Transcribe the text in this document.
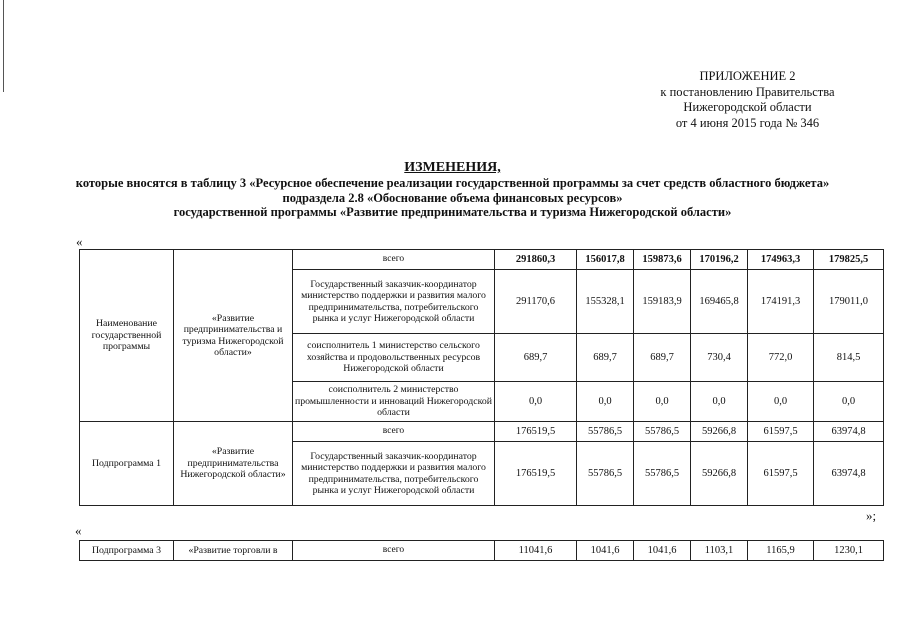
ПРИЛОЖЕНИЕ 2
к постановлению Правительства
Нижегородской области
от 4 июня 2015 года № 346
ИЗМЕНЕНИЯ,
которые вносятся в таблицу 3 «Ресурсное обеспечение реализации государственной программы за счет средств областного бюджета»
подраздела 2.8 «Обоснование объема финансовых ресурсов»
государственной программы «Развитие предпринимательства и туризма Нижегородской области»
«
Наименование государственной программы	«Развитие предпринимательства и туризма Нижегородской области»	всего	291860,3	156017,8	159873,6	170196,2	174963,3	179825,5
		Государственный заказчик-координатор министерство поддержки и развития малого предпринимательства, потребительского рынка и услуг Нижегородской области	291170,6	155328,1	159183,9	169465,8	174191,3	179011,0
		соисполнитель 1 министерство сельского хозяйства и продовольственных ресурсов Нижегородской области	689,7	689,7	689,7	730,4	772,0	814,5
		соисполнитель 2 министерство промышленности и инноваций Нижегородской области	0,0	0,0	0,0	0,0	0,0	0,0
Подпрограмма 1	«Развитие предпринимательства Нижегородской области»	всего	176519,5	55786,5	55786,5	59266,8	61597,5	63974,8
		Государственный заказчик-координатор министерство поддержки и развития малого предпринимательства, потребительского рынка и услуг Нижегородской области	176519,5	55786,5	55786,5	59266,8	61597,5	63974,8
»;
«
Подпрограмма 3	«Развитие торговли в	всего	11041,6	1041,6	1041,6	1103,1	1165,9	1230,1
